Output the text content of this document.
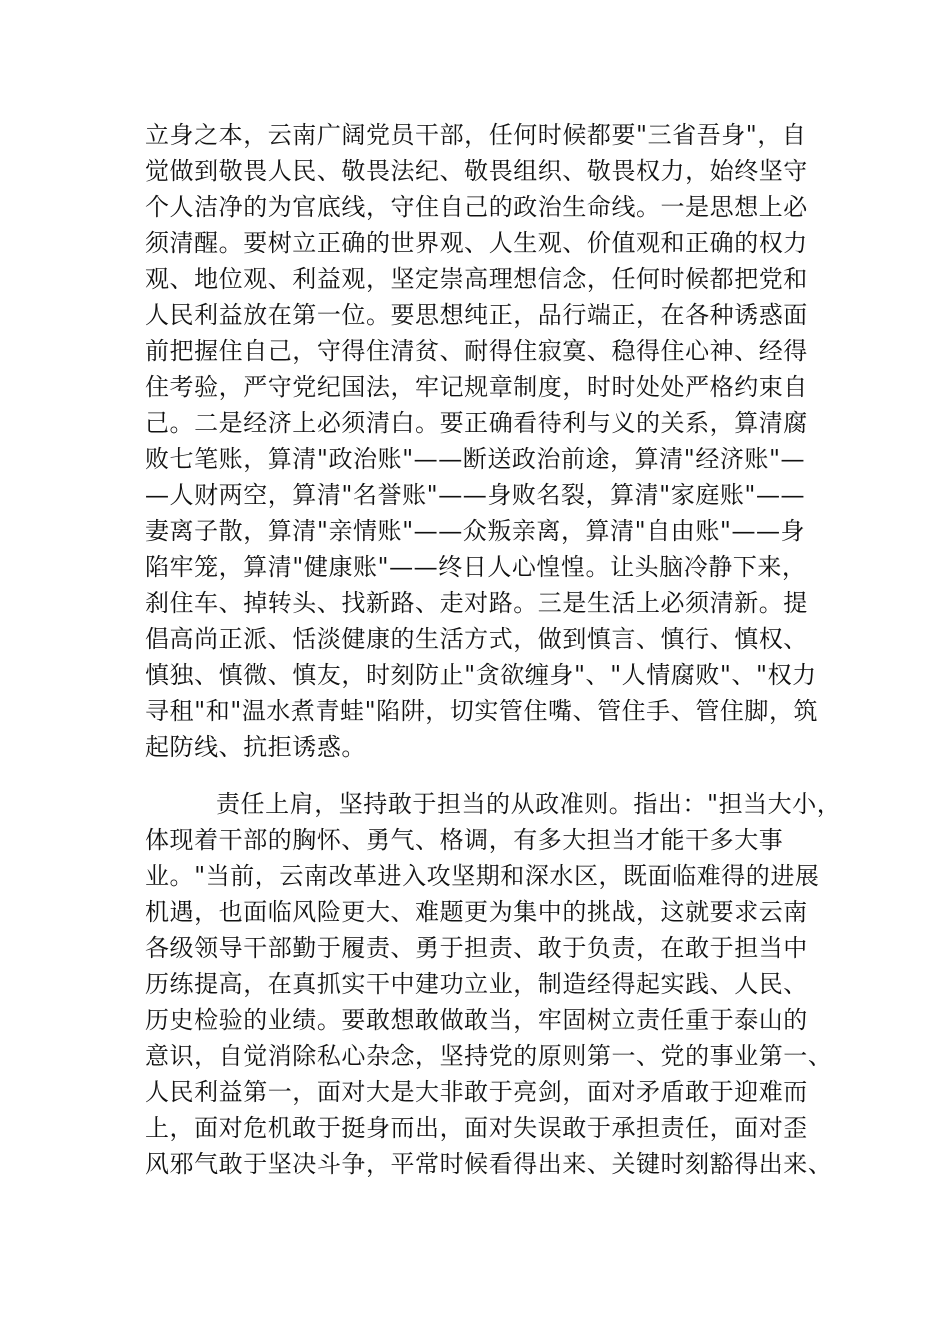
立身之本，云南广阔党员干部，任何时候都要"三省吾身"，自
觉做到敬畏人民、敬畏法纪、敬畏组织、敬畏权力，始终坚守
个人洁净的为官底线，守住自己的政治生命线。一是思想上必
须清醒。要树立正确的世界观、人生观、价值观和正确的权力
观、地位观、利益观，坚定崇高理想信念，任何时候都把党和
人民利益放在第一位。要思想纯正，品行端正，在各种诱惑面
前把握住自己，守得住清贫、耐得住寂寞、稳得住心神、经得
住考验，严守党纪国法，牢记规章制度，时时处处严格约束自
己。二是经济上必须清白。要正确看待利与义的关系，算清腐
败七笔账，算清"政治账"——断送政治前途，算清"经济账"—
—人财两空，算清"名誉账"——身败名裂，算清"家庭账"——
妻离子散，算清"亲情账"——众叛亲离，算清"自由账"——身
陷牢笼，算清"健康账"——终日人心惶惶。让头脑冷静下来，
刹住车、掉转头、找新路、走对路。三是生活上必须清新。提
倡高尚正派、恬淡健康的生活方式，做到慎言、慎行、慎权、
慎独、慎微、慎友，时刻防止"贪欲缠身"、"人情腐败"、"权力
寻租"和"温水煮青蛙"陷阱，切实管住嘴、管住手、管住脚，筑
起防线、抗拒诱惑。
责任上肩，坚持敢于担当的从政准则。指出："担当大小，
体现着干部的胸怀、勇气、格调，有多大担当才能干多大事
业。"当前，云南改革进入攻坚期和深水区，既面临难得的进展
机遇，也面临风险更大、难题更为集中的挑战，这就要求云南
各级领导干部勤于履责、勇于担责、敢于负责，在敢于担当中
历练提高，在真抓实干中建功立业，制造经得起实践、人民、
历史检验的业绩。要敢想敢做敢当，牢固树立责任重于泰山的
意识，自觉消除私心杂念，坚持党的原则第一、党的事业第一、
人民利益第一，面对大是大非敢于亮剑，面对矛盾敢于迎难而
上，面对危机敢于挺身而出，面对失误敢于承担责任，面对歪
风邪气敢于坚决斗争，平常时候看得出来、关键时刻豁得出来、
